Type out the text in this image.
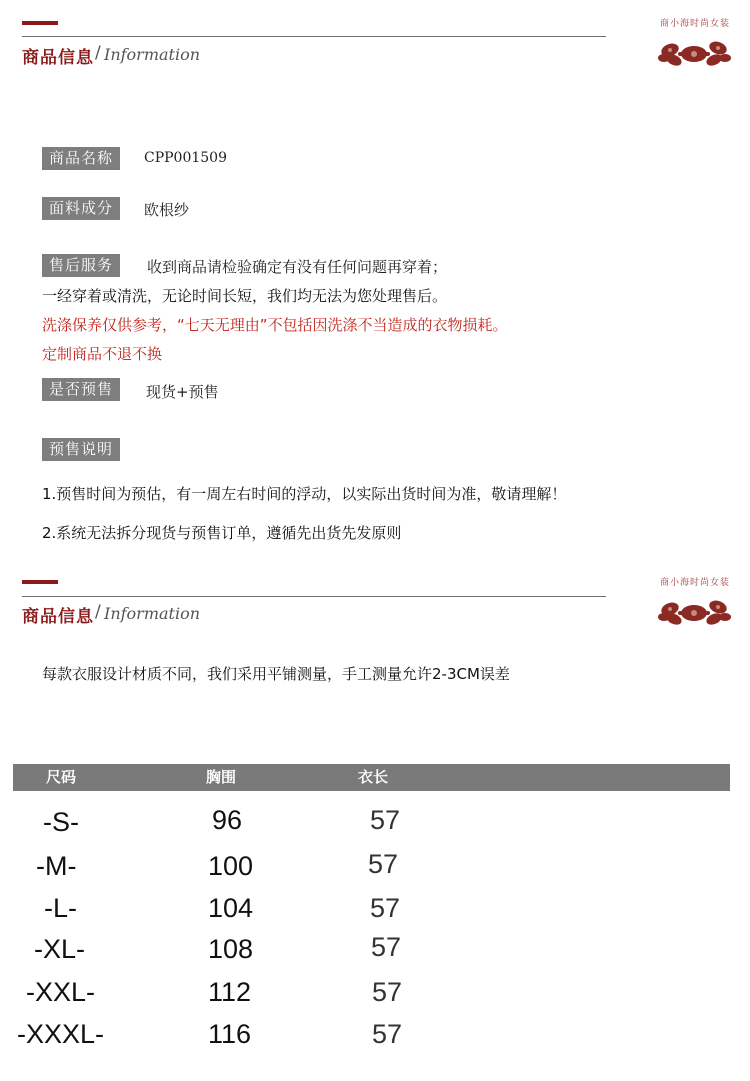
商品信息 / Information
商小海时尚女装
商品名称	CPP001509
面料成分	欧根纱
售后服务	收到商品请检验确定有没有任何问题再穿着；
一经穿着或清洗，无论时间长短，我们均无法为您处理售后。
洗涤保养仅供参考，“七天无理由”不包括因洗涤不当造成的衣物损耗。
定制商品不退不换
是否预售	现货+预售
预售说明
1.预售时间为预估，有一周左右时间的浮动，以实际出货时间为准，敬请理解！
2.系统无法拆分现货与预售订单，遵循先出货先发原则
商品信息 / Information
商小海时尚女装
每款衣服设计材质不同，我们采用平铺测量，手工测量允许2-3CM误差
尺码	胸围	衣长
-S-	96	57
-M-	100	57
-L-	104	57
-XL-	108	57
-XXL-	112	57
-XXXL-	116	57
